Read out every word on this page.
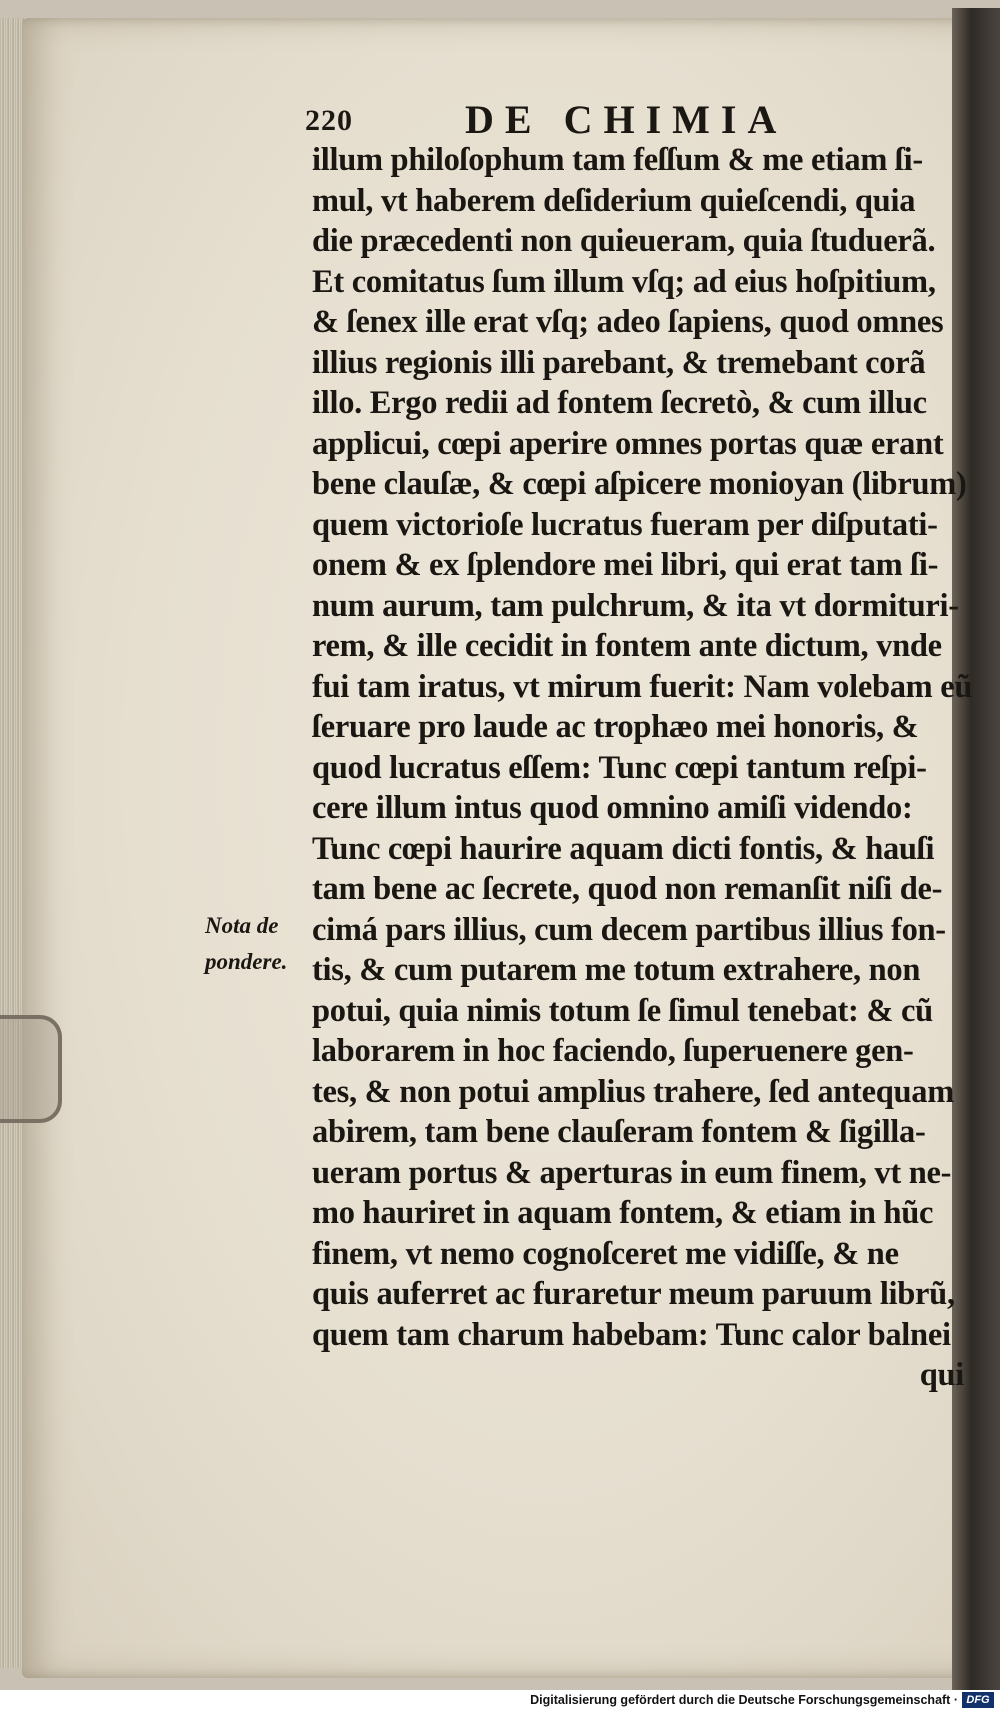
220	DE CHIMIA
Nota de
pondere.
illum philoſophum tam feſſum & me etiam ſi-
mul, vt haberem deſiderium quieſcendi, quia
die præcedenti non quieueram, quia ſtuduerã.
Et comitatus ſum illum vſq; ad eius hoſpitium,
& ſenex ille erat vſq; adeo ſapiens, quod omnes
illius regionis illi parebant, & tremebant corã
illo. Ergo redii ad fontem ſecretò, & cum illuc
applicui, cœpi aperire omnes portas quæ erant
bene clauſæ, & cœpi aſpicere monioyan (librum)
quem victorioſe lucratus fueram per diſputati-
onem & ex ſplendore mei libri, qui erat tam ſi-
num aurum, tam pulchrum, & ita vt dormituri-
rem, & ille cecidit in fontem ante dictum, vnde
fui tam iratus, vt mirum fuerit: Nam volebam eũ
ſeruare pro laude ac trophæo mei honoris, &
quod lucratus eſſem: Tunc cœpi tantum reſpi-
cere illum intus quod omnino amiſi videndo:
Tunc cœpi haurire aquam dicti fontis, & hauſi
tam bene ac ſecrete, quod non remanſit niſi de-
cimá pars illius, cum decem partibus illius fon-
tis, & cum putarem me totum extrahere, non
potui, quia nimis totum ſe ſimul tenebat: & cũ
laborarem in hoc faciendo, ſuperuenere gen-
tes, & non potui amplius trahere, ſed antequam
abirem, tam bene clauſeram fontem & ſigilla-
ueram portus & aperturas in eum finem, vt ne-
mo hauriret in aquam fontem, & etiam in hũc
finem, vt nemo cognoſceret me vidiſſe, & ne
quis auferret ac furaretur meum paruum librũ,
quem tam charum habebam: Tunc calor balnei
qui
Digitalisierung gefördert durch die Deutsche Forschungsgemeinschaft · DFG
